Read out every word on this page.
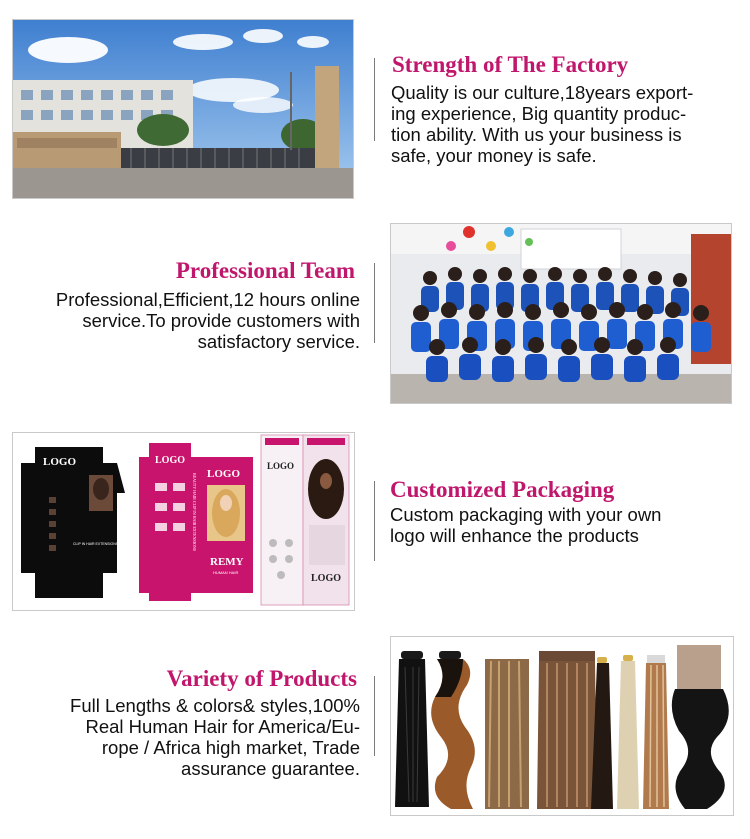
Strength of The Factory
Quality is our culture,18years export-
ing experience, Big quantity produc-
tion ability. With us your business is
safe, your money is safe.
Professional Team
Professional,Efficient,12 hours online
service.To provide customers with
satisfactory service.
LOGO
CLIP IN HAIR EXTENSIONS
LOGO
LOGO
BEAUTY HAIR CLIP IN HAIR EXTENSIONS
REMY
HUMAN HAIR
LOGO
LOGO
Customized Packaging
Custom packaging with your own
logo will enhance the products
Variety of Products
Full Lengths & colors& styles,100%
Real Human Hair for America/Eu-
rope / Africa high market, Trade
assurance guarantee.
